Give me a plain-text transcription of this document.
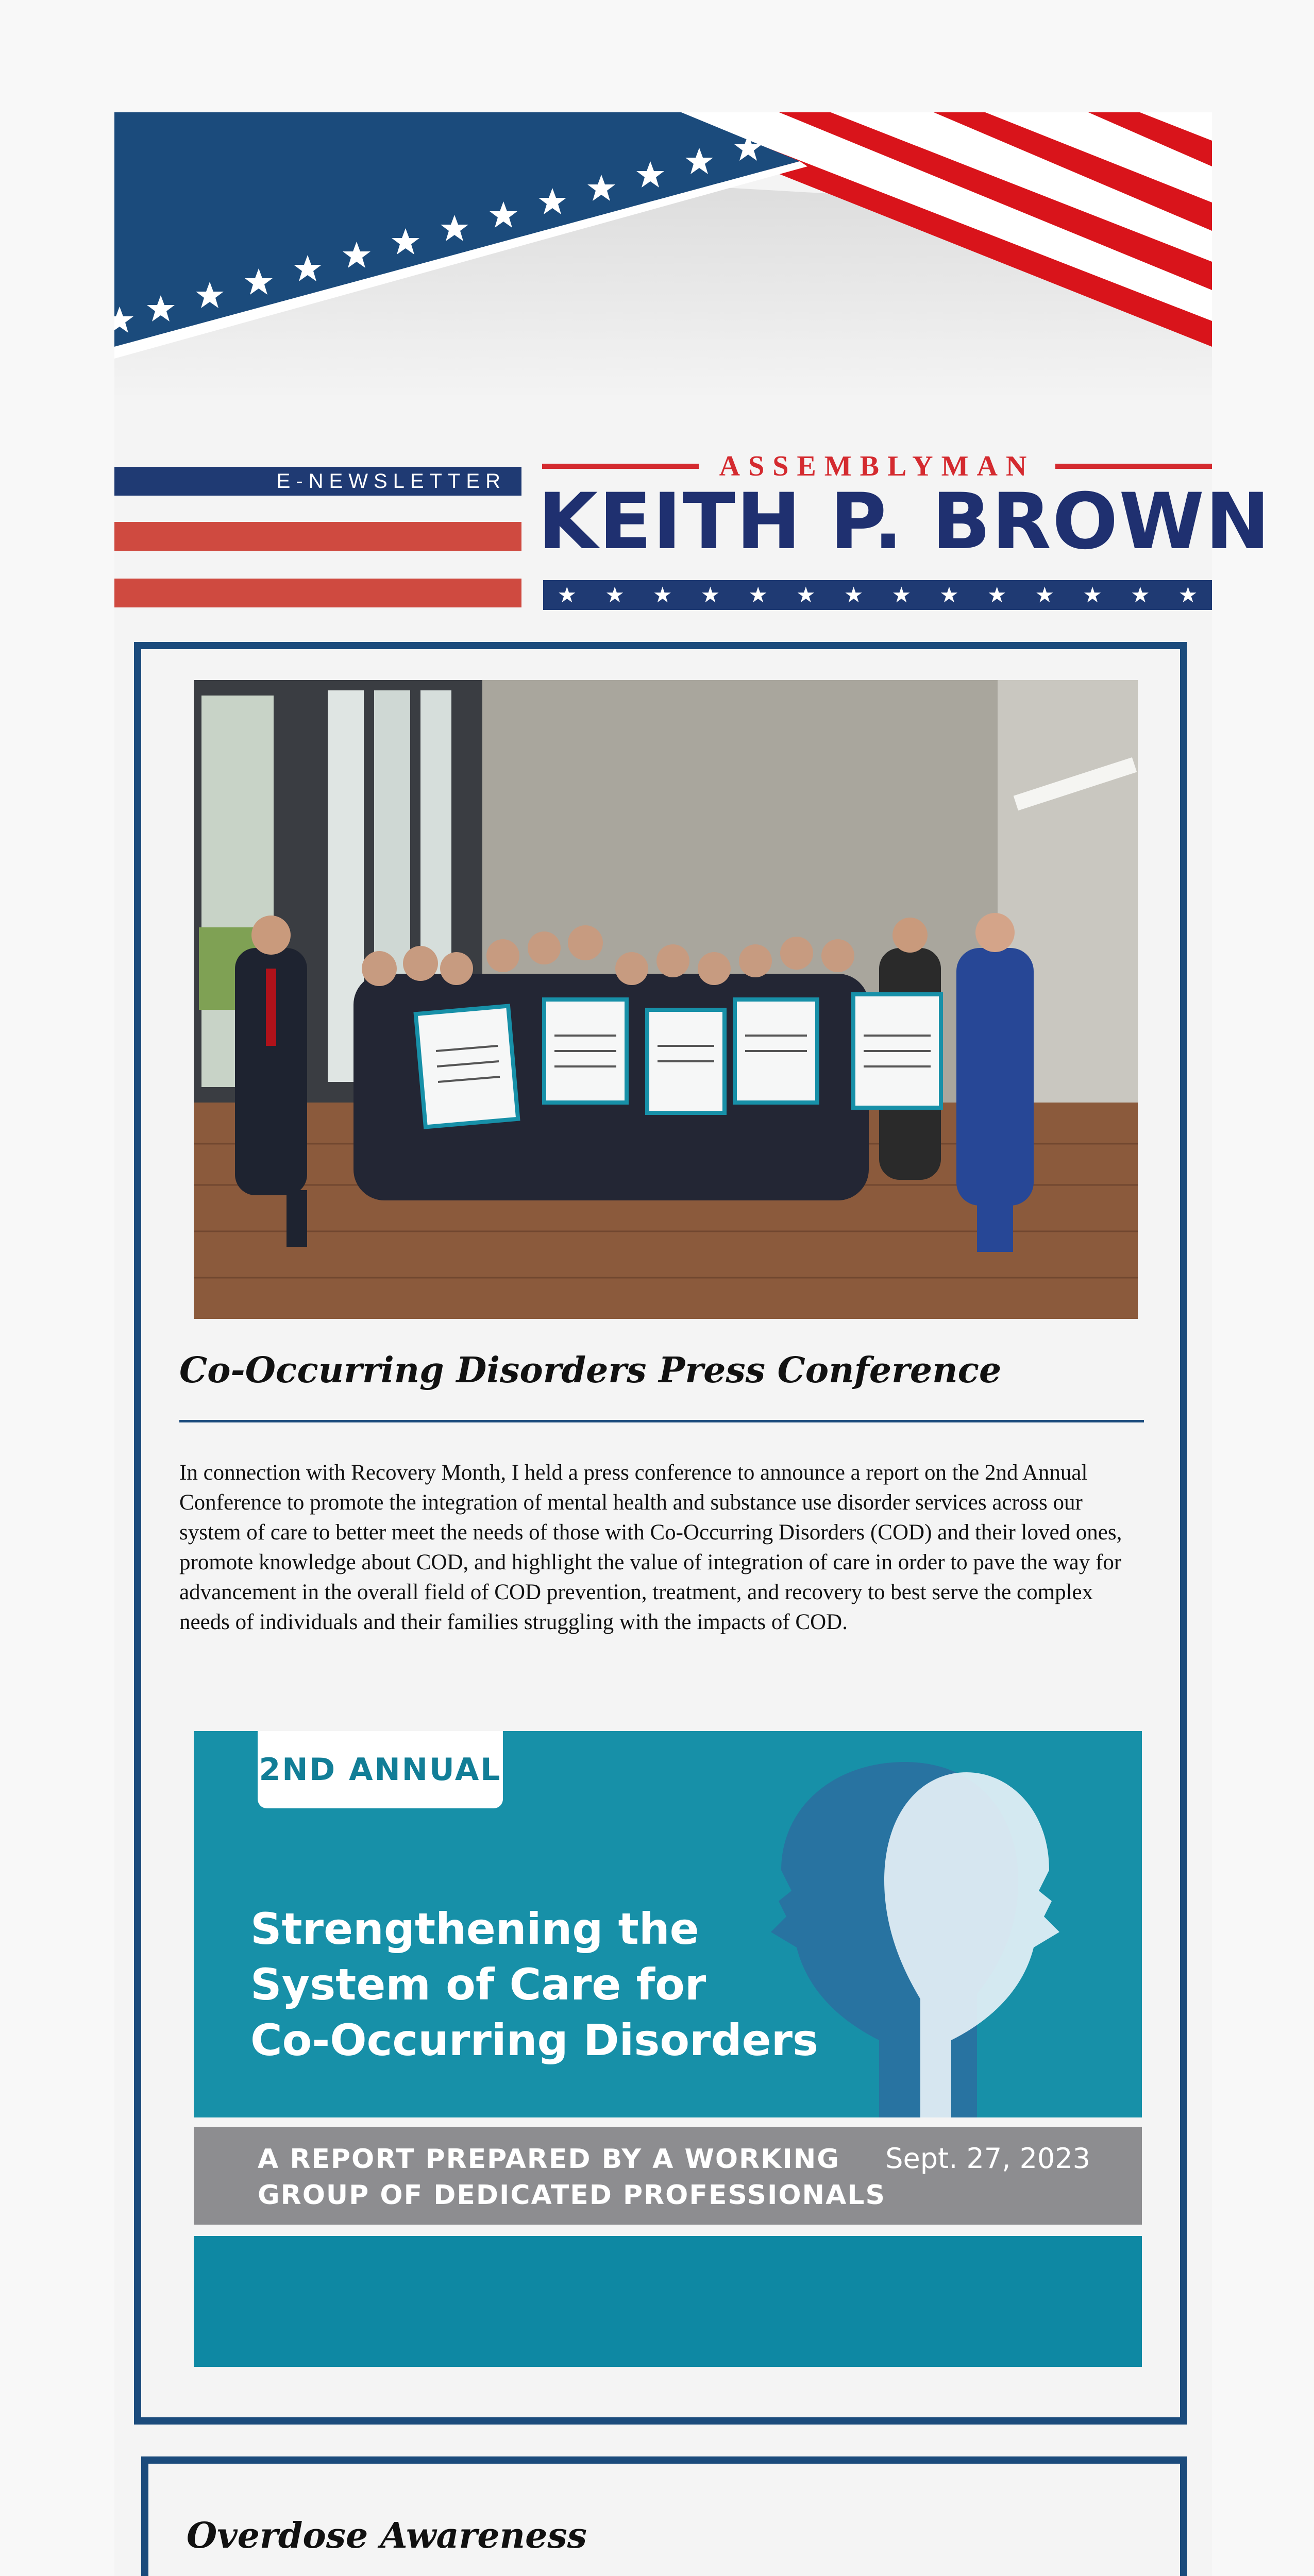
E-NEWSLETTER	ASSEMBLYMAN
KEITH P. BROWN
★ ★ ★ ★ ★ ★ ★ ★ ★ ★ ★ ★ ★ ★
Co-Occurring Disorders Press Conference

In connection with Recovery Month, I held a press conference to announce a report on the 2nd Annual Conference to promote the integration of mental health and substance use disorder services across our system of care to better meet the needs of those with Co-Occurring Disorders (COD) and their loved ones, promote knowledge about COD, and highlight the value of integration of care in order to pave the way for advancement in the overall field of COD prevention, treatment, and recovery to best serve the complex needs of individuals and their families struggling with the impacts of COD.

2ND ANNUAL
Strengthening the
System of Care for
Co-Occurring Disorders
A REPORT PREPARED BY A WORKING
GROUP OF DEDICATED PROFESSIONALS
Sept. 27, 2023
Overdose Awareness
